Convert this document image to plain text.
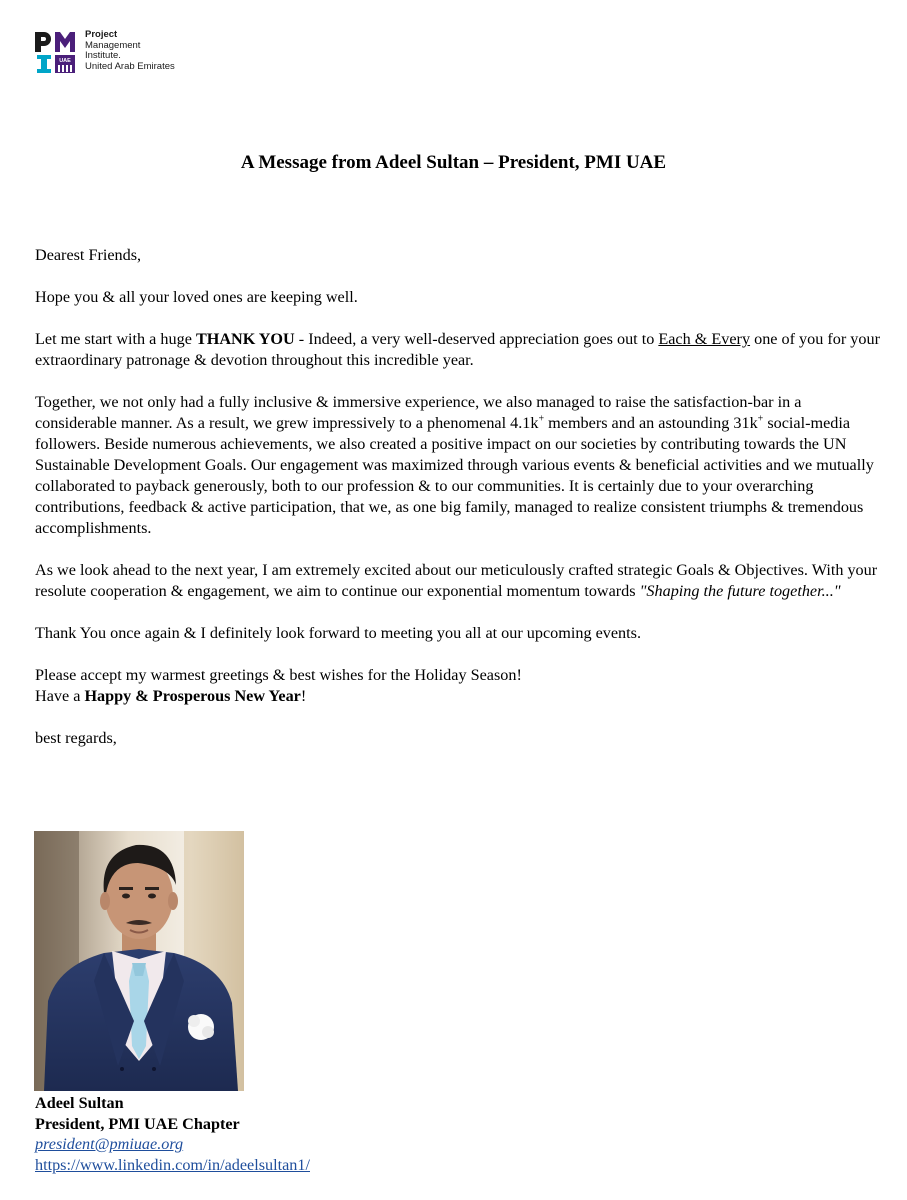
UAE
Project
Management
Institute.
United Arab Emirates
A Message from Adeel Sultan – President, PMI UAE

Dearest Friends,

Hope you & all your loved ones are keeping well.

Let me start with a huge THANK YOU - Indeed, a very well-deserved appreciation goes out to Each & Every one of you for your extraordinary patronage & devotion throughout this incredible year.

Together, we not only had a fully inclusive & immersive experience, we also managed to raise the satisfaction-bar in a considerable manner. As a result, we grew impressively to a phenomenal 4.1k+ members and an astounding 31k+ social-media followers. Beside numerous achievements, we also created a positive impact on our societies by contributing towards the UN Sustainable Development Goals. Our engagement was maximized through various events & beneficial activities and we mutually collaborated to payback generously, both to our profession & to our communities. It is certainly due to your overarching contributions, feedback & active participation, that we, as one big family, managed to realize consistent triumphs & tremendous accomplishments.

As we look ahead to the next year, I am extremely excited about our meticulously crafted strategic Goals & Objectives. With your resolute cooperation & engagement, we aim to continue our exponential momentum towards "Shaping the future together..."

Thank You once again & I definitely look forward to meeting you all at our upcoming events.

Please accept my warmest greetings & best wishes for the Holiday Season!

Have a Happy & Prosperous New Year!

best regards,

Adeel Sultan
President, PMI UAE Chapter
president@pmiuae.org
https://www.linkedin.com/in/adeelsultan1/
